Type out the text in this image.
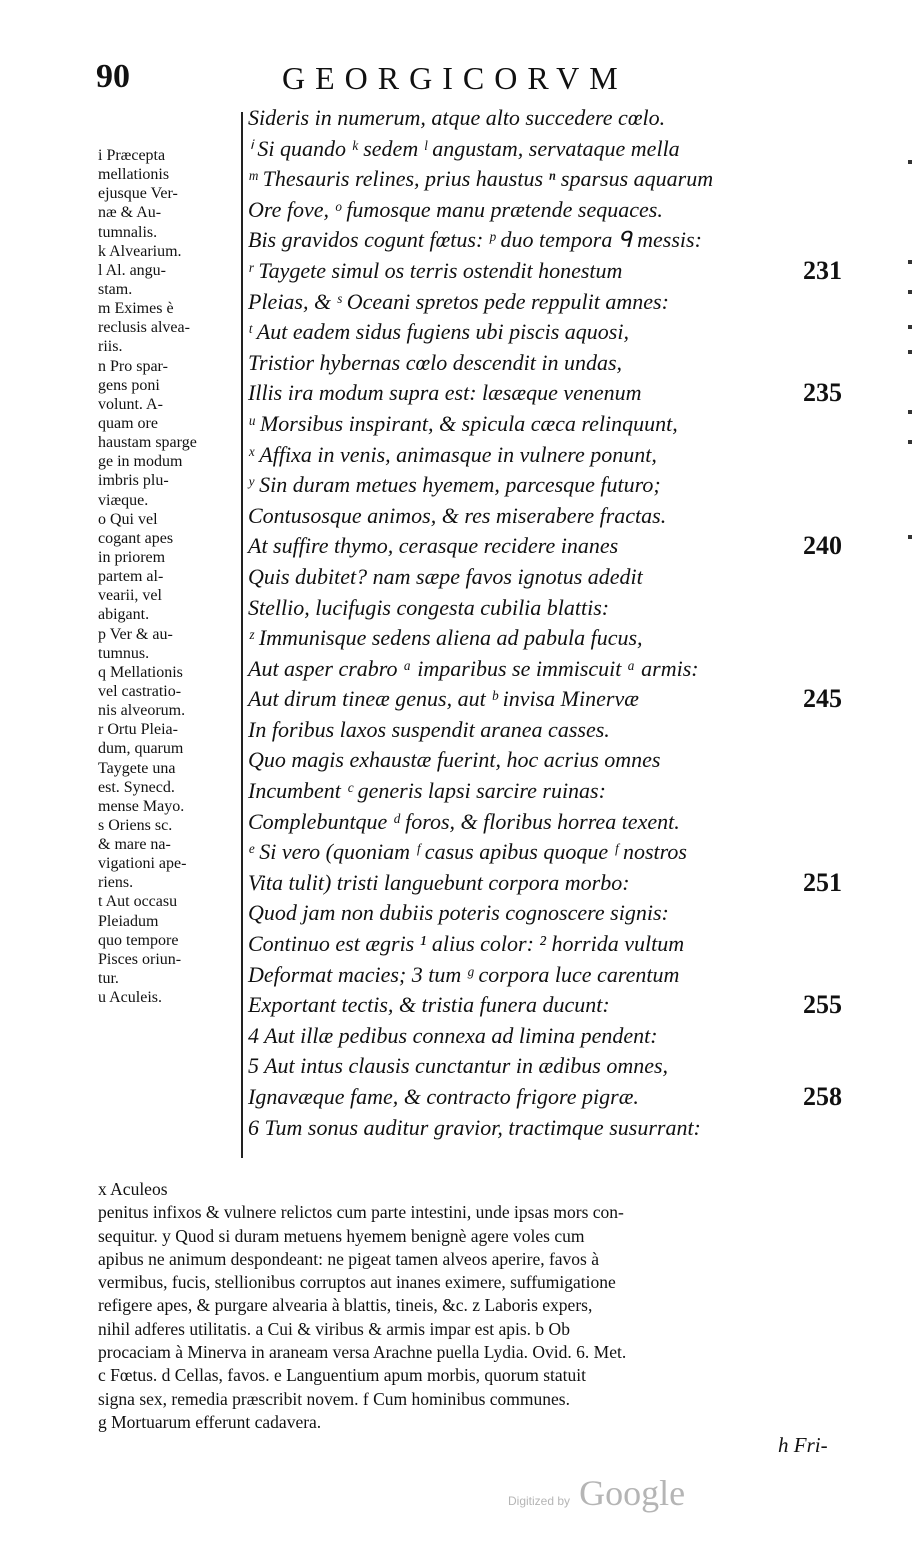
90	GEORGICORVM
i Præcepta
mellationis
ejusque Ver-
næ & Au-
tumnalis.
k Alvearium.
l Al. angu-
stam.
m Eximes è
reclusis alvea-
riis.
n Pro spar-
gens poni
volunt. A-
quam ore
haustam sparge
ge in modum
imbris plu-
viæque.
o Qui vel
cogant apes
in priorem
partem al-
vearii, vel
abigant.
p Ver & au-
tumnus.
q Mellationis
vel castratio-
nis alveorum.
r Ortu Pleia-
dum, quarum
Taygete una
est. Synecd.
mense Mayo.
s Oriens sc.
& mare na-
vigationi ape-
riens.
t Aut occasu
Pleiadum
quo tempore
Pisces oriun-
tur.
u Aculeis.
Sideris in numerum, atque alto succedere cœlo.
ⁱ Si quando ᵏ sedem ˡ angustam, servataque mella
ᵐ Thesauris relines, prius haustus ⁿ sparsus aquarum
Ore fove, ᵒ fumosque manu prætende sequaces.
Bis gravidos cogunt fœtus: ᵖ duo tempora ᑫ messis:
ʳ Taygete simul os terris ostendit honestum	231
Pleias, & ˢ Oceani spretos pede reppulit amnes:
ᵗ Aut eadem sidus fugiens ubi piscis aquosi,
Tristior hybernas cœlo descendit in undas,
Illis ira modum supra est: læsæque venenum	235
ᵘ Morsibus inspirant, & spicula cæca relinquunt,
ˣ Affixa in venis, animasque in vulnere ponunt,
ʸ Sin duram metues hyemem, parcesque futuro;
Contusosque animos, & res miserabere fractas.
At suffire thymo, cerasque recidere inanes	240
Quis dubitet? nam sæpe favos ignotus adedit
Stellio, lucifugis congesta cubilia blattis:
ᶻ Immunisque sedens aliena ad pabula fucus,
Aut asper crabro ᵃ imparibus se immiscuit ᵃ armis:
Aut dirum tineæ genus, aut ᵇ invisa Minervæ	245
In foribus laxos suspendit aranea casses.
Quo magis exhaustæ fuerint, hoc acrius omnes
Incumbent ᶜ generis lapsi sarcire ruinas:
Complebuntque ᵈ foros, & floribus horrea texent.
ᵉ Si vero (quoniam ᶠ casus apibus quoque ᶠ nostros
Vita tulit) tristi languebunt corpora morbo:	251
Quod jam non dubiis poteris cognoscere signis:
Continuo est ægris ¹ alius color: ² horrida vultum
Deformat macies; 3 tum ᵍ corpora luce carentum
Exportant tectis, & tristia funera ducunt:	255
4 Aut illæ pedibus connexa ad limina pendent:
5 Aut intus clausis cunctantur in ædibus omnes,
Ignavæque fame, & contracto frigore pigræ.	258
6 Tum sonus auditur gravior, tractimque susurrant:
x Aculeos
penitus infixos & vulnere relictos cum parte intestini, unde ipsas mors con-
sequitur. y Quod si duram metuens hyemem benignè agere voles cum
apibus ne animum despondeant: ne pigeat tamen alveos aperire, favos à
vermibus, fucis, stellionibus corruptos aut inanes eximere, suffumigatione
refigere apes, & purgare alvearia à blattis, tineis, &c. z Laboris expers,
nihil adferes utilitatis. a Cui & viribus & armis impar est apis. b Ob
procaciam à Minerva in araneam versa Arachne puella Lydia. Ovid. 6. Met.
c Fœtus. d Cellas, favos. e Languentium apum morbis, quorum statuit
signa sex, remedia præscribit novem. f Cum hominibus communes.
g Mortuarum efferunt cadavera.
h Fri-
Digitized by Google
